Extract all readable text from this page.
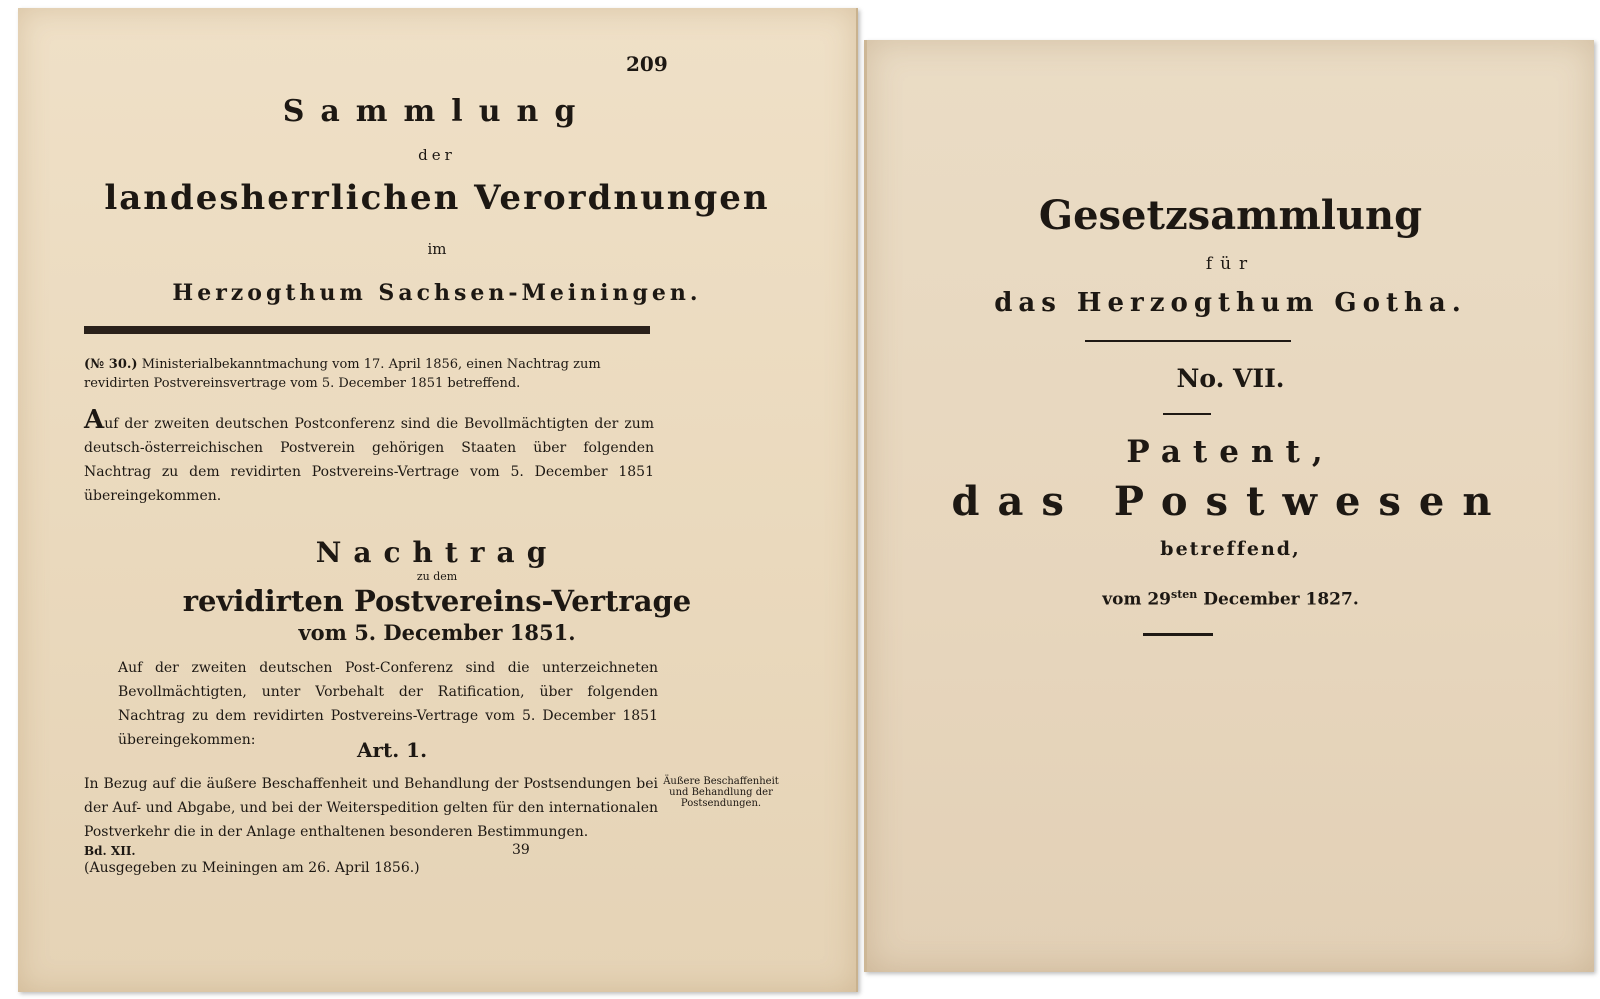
209
Sammlung
der
landesherrlichen Verordnungen
im
Herzogthum Sachsen-Meiningen.
(№ 30.) Ministerialbekanntmachung vom 17. April 1856, einen Nachtrag zum revidirten Postvereinsvertrage vom 5. December 1851 betreffend.
Auf der zweiten deutschen Postconferenz sind die Bevollmächtigten der zum deutsch-österreichischen Postverein gehörigen Staaten über folgenden Nachtrag zu dem revidirten Postvereins-Vertrage vom 5. December 1851 übereingekommen.
Nachtrag
zu dem
revidirten Postvereins-Vertrage
vom 5. December 1851.
Auf der zweiten deutschen Post-Conferenz sind die unterzeichneten Bevollmächtigten, unter Vorbehalt der Ratification, über folgenden Nachtrag zu dem revidirten Postvereins-Vertrage vom 5. December 1851 übereingekommen:	Art. 1.
In Bezug auf die äußere Beschaffenheit und Behandlung der Postsendungen bei der Auf- und Abgabe, und bei der Weiterspedition gelten für den internationalen Postverkehr die in der Anlage enthaltenen besonderen Bestimmungen.
Äußere Beschaffenheit und Behandlung der Postsendungen.
Bd. XII.	39
(Ausgegeben zu Meiningen am 26. April 1856.)
Gesetzsammlung
für
das Herzogthum Gotha.
No. VII.
Patent,
das Postwesen
betreffend,
vom $29^{sten}$ December 1827.
